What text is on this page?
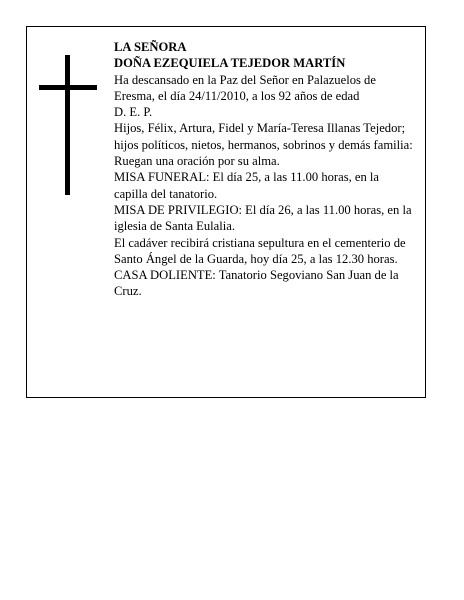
LA SEÑORA

DOÑA EZEQUIELA TEJEDOR MARTÍN

Ha descansado en la Paz del Señor en Palazuelos de Eresma, el día 24/11/2010, a los 92 años de edad

D. E. P.

Hijos, Félix, Artura, Fidel y María-Teresa Illanas Tejedor; hijos políticos, nietos, hermanos, sobrinos y demás familia:

Ruegan una oración por su alma.

MISA FUNERAL: El día 25, a las 11.00 horas, en la capilla del tanatorio.

MISA DE PRIVILEGIO: El día 26, a las 11.00 horas, en la iglesia de Santa Eulalia.

El cadáver recibirá cristiana sepultura en el cementerio de Santo Ángel de la Guarda, hoy día 25, a las 12.30 horas.

CASA DOLIENTE: Tanatorio Segoviano San Juan de la Cruz.
